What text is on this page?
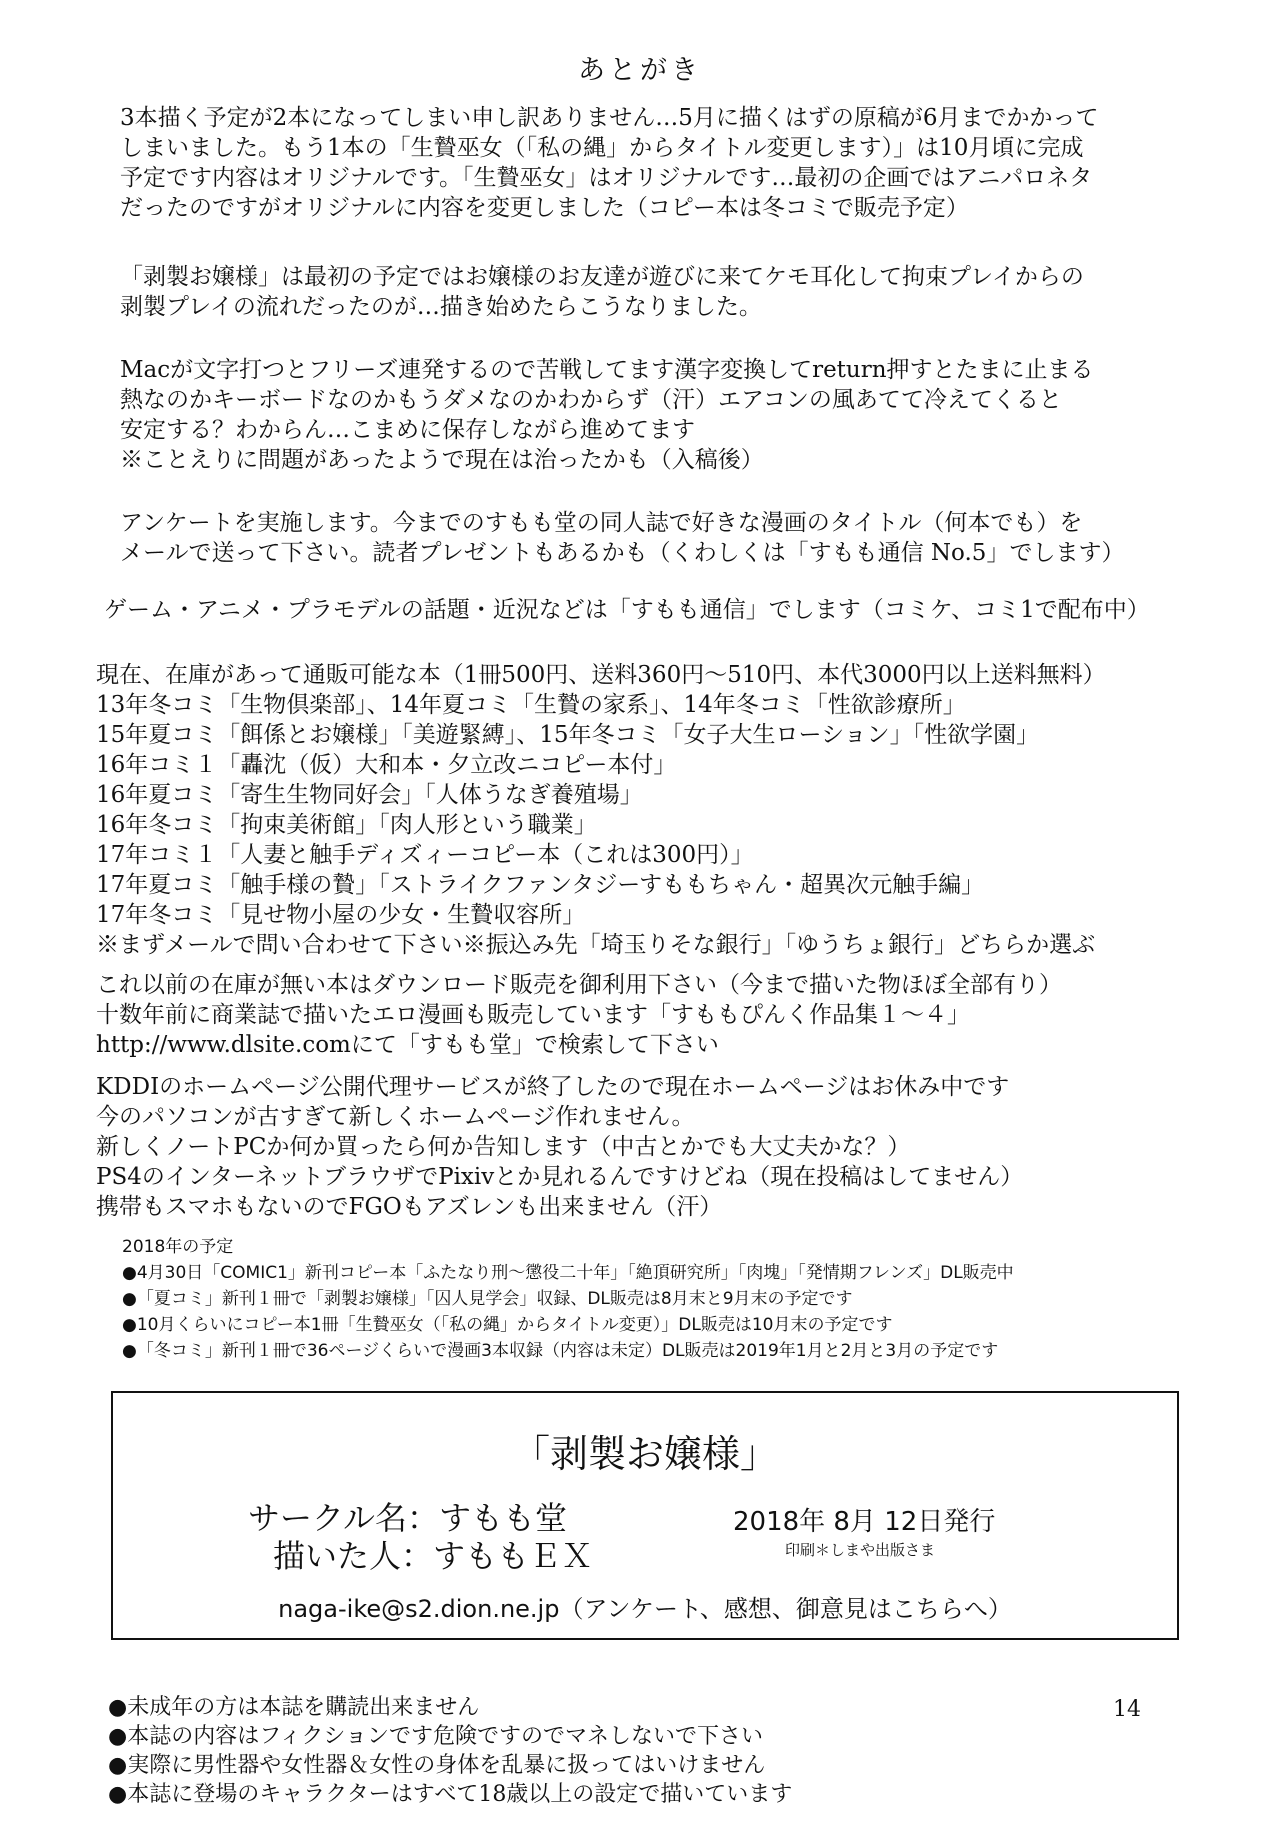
あとがき
3本描く予定が2本になってしまい申し訳ありません…5月に描くはずの原稿が6月までかかって
しまいました。もう1本の「生贄巫女（「私の縄」からタイトル変更します）」は10月頃に完成
予定です内容はオリジナルです。「生贄巫女」はオリジナルです…最初の企画ではアニパロネタ
だったのですがオリジナルに内容を変更しました（コピー本は冬コミで販売予定）
「剥製お嬢様」は最初の予定ではお嬢様のお友達が遊びに来てケモ耳化して拘束プレイからの
剥製プレイの流れだったのが…描き始めたらこうなりました。
Macが文字打つとフリーズ連発するので苦戦してます漢字変換してreturn押すとたまに止まる
熱なのかキーボードなのかもうダメなのかわからず（汗）エアコンの風あてて冷えてくると
安定する？わからん…こまめに保存しながら進めてます
※ことえりに問題があったようで現在は治ったかも（入稿後）
アンケートを実施します。今までのすもも堂の同人誌で好きな漫画のタイトル（何本でも）を
メールで送って下さい。読者プレゼントもあるかも（くわしくは「すもも通信 No.5」でします）
ゲーム・アニメ・プラモデルの話題・近況などは「すもも通信」でします（コミケ、コミ1で配布中）
現在、在庫があって通販可能な本（1冊500円、送料360円～510円、本代3000円以上送料無料）
13年冬コミ「生物倶楽部」、14年夏コミ「生贄の家系」、14年冬コミ「性欲診療所」
15年夏コミ「餌係とお嬢様」「美遊緊縛」、15年冬コミ「女子大生ローション」「性欲学園」
16年コミ１「轟沈（仮）大和本・夕立改ニコピー本付」
16年夏コミ「寄生生物同好会」「人体うなぎ養殖場」
16年冬コミ「拘束美術館」「肉人形という職業」
17年コミ１「人妻と触手ディズィーコピー本（これは300円）」
17年夏コミ「触手様の贄」「ストライクファンタジーすももちゃん・超異次元触手編」
17年冬コミ「見せ物小屋の少女・生贄収容所」
※まずメールで問い合わせて下さい※振込み先「埼玉りそな銀行」「ゆうちょ銀行」どちらか選ぶ
これ以前の在庫が無い本はダウンロード販売を御利用下さい（今まで描いた物ほぼ全部有り）
十数年前に商業誌で描いたエロ漫画も販売しています「すももぴんく作品集１～４」
http://www.dlsite.comにて「すもも堂」で検索して下さい
KDDIのホームページ公開代理サービスが終了したので現在ホームページはお休み中です
今のパソコンが古すぎて新しくホームページ作れません。
新しくノートPCか何か買ったら何か告知します（中古とかでも大丈夫かな？）
PS4のインターネットブラウザでPixivとか見れるんですけどね（現在投稿はしてません）
携帯もスマホもないのでFGOもアズレンも出来ません（汗）
2018年の予定
●4月30日「COMIC1」新刊コピー本「ふたなり刑～懲役二十年」「絶頂研究所」「肉塊」「発情期フレンズ」DL販売中
●「夏コミ」新刊１冊で「剥製お嬢様」「囚人見学会」収録、DL販売は8月末と9月末の予定です
●10月くらいにコピー本1冊「生贄巫女（「私の縄」からタイトル変更）」DL販売は10月末の予定です
●「冬コミ」新刊１冊で36ページくらいで漫画3本収録（内容は未定）DL販売は2019年1月と2月と3月の予定です
「剥製お嬢様」
サークル名：すもも堂
描いた人：すももＥＸ
2018年 8月 12日発行
印刷＊しまや出版さま
naga-ike@s2.dion.ne.jp（アンケート、感想、御意見はこちらへ）
14
●未成年の方は本誌を購読出来ません
●本誌の内容はフィクションです危険ですのでマネしないで下さい
●実際に男性器や女性器＆女性の身体を乱暴に扱ってはいけません
●本誌に登場のキャラクターはすべて18歳以上の設定で描いています
